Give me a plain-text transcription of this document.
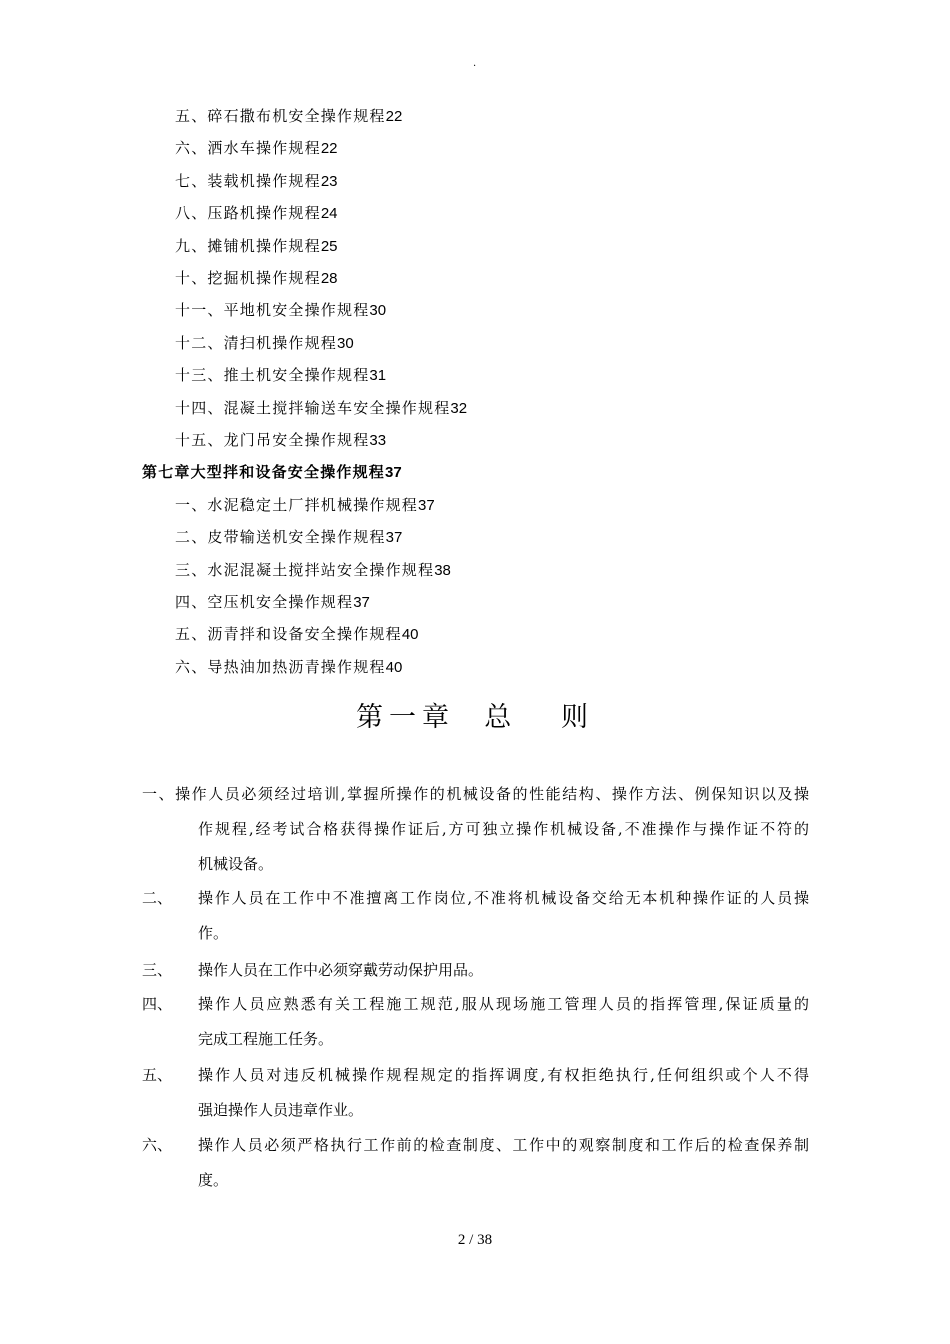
.
五、碎石撒布机安全操作规程22
六、洒水车操作规程22
七、装载机操作规程23
八、压路机操作规程24
九、摊铺机操作规程25
十、挖掘机操作规程28
十一、平地机安全操作规程30
十二、清扫机操作规程30
十三、推土机安全操作规程31
十四、混凝土搅拌输送车安全操作规程32
十五、龙门吊安全操作规程33
第七章大型拌和设备安全操作规程37
一、水泥稳定土厂拌机械操作规程37
二、皮带输送机安全操作规程37
三、水泥混凝土搅拌站安全操作规程38
四、空压机安全操作规程37
五、沥青拌和设备安全操作规程40
六、导热油加热沥青操作规程40
第一章  总   则
一、操作人员必须经过培训,掌握所操作的机械设备的性能结构、操作方法、例保知识以及操
作规程,经考试合格获得操作证后,方可独立操作机械设备,不准操作与操作证不符的
机械设备。
二、 操作人员在工作中不准擅离工作岗位,不准将机械设备交给无本机种操作证的人员操
作。
三、 操作人员在工作中必须穿戴劳动保护用品。
四、 操作人员应熟悉有关工程施工规范,服从现场施工管理人员的指挥管理,保证质量的
完成工程施工任务。
五、 操作人员对违反机械操作规程规定的指挥调度,有权拒绝执行,任何组织或个人不得
强迫操作人员违章作业。
六、 操作人员必须严格执行工作前的检查制度、工作中的观察制度和工作后的检查保养制
度。
2 / 38
